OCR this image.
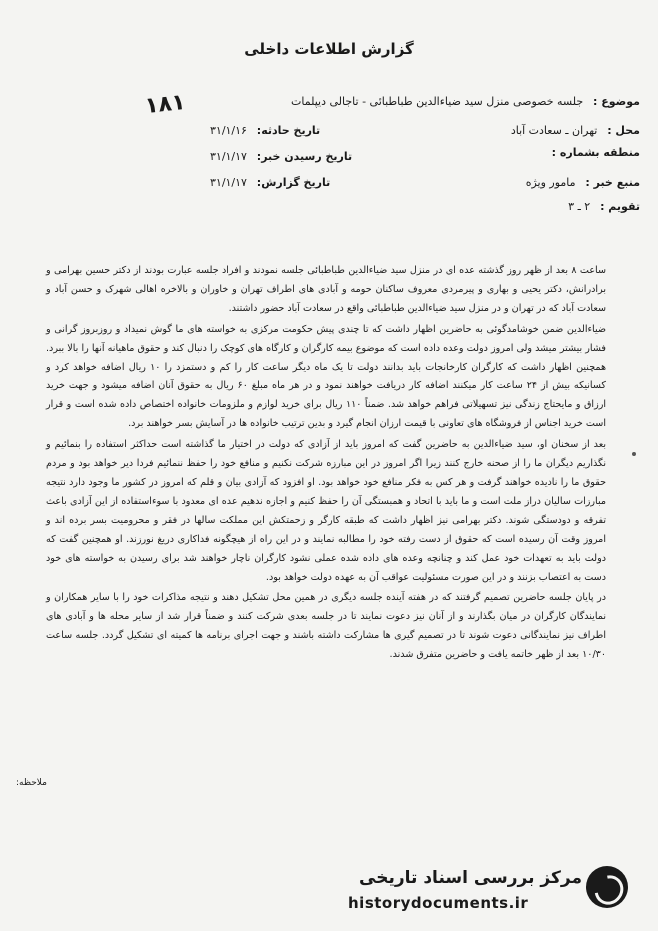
گزارش اطلاعات داخلی
۱۸۱	موضوع : جلسه خصوصی منزل سید ضیاءالدین طباطبائی - تاجالی دیپلمات
محل : تهران ـ سعادت آباد
تاریخ حادثه: ۳۱/۱/۱۶
منطقه بشماره :
تاریخ رسیدن خبر: ۳۱/۱/۱۷
منبع خبر : مامور ویژه
تاریخ گزارش: ۳۱/۱/۱۷
تقویم : ۲ ـ ۳

ساعت ۸ بعد از ظهر روز گذشته عده ای در منزل سید ضیاءالدین طباطبائی جلسه نمودند و افراد جلسه عبارت بودند از دکتر حسین بهرامی و برادرانش، دکتر یحیی و بهاری و پیرمردی معروف ساکنان حومه و آبادی های اطراف تهران و خاوران و بالاخره اهالی شهرک و حسن آباد و سعادت آباد که در تهران و در منزل سید ضیاءالدین طباطبائی واقع در سعادت آباد حضور داشتند.

ضیاءالدین ضمن خوشامدگوئی به حاضرین اظهار داشت که تا چندی پیش حکومت مرکزی به خواسته های ما گوش نمیداد و روزبروز گرانی و فشار بیشتر میشد ولی امروز دولت وعده داده است که موضوع بیمه کارگران و کارگاه های کوچک را دنبال کند و حقوق ماهیانه آنها را بالا ببرد. همچنین اظهار داشت که کارگران کارخانجات باید بدانند دولت تا یک ماه دیگر ساعت کار را کم و دستمزد را ۱۰ ریال اضافه خواهد کرد و کسانیکه بیش از ۲۴ ساعت کار میکنند اضافه کار دریافت خواهند نمود و در هر ماه مبلغ ۶۰ ریال به حقوق آنان اضافه میشود و جهت خرید ارزاق و مایحتاج زندگی نیز تسهیلاتی فراهم خواهد شد. ضمناً ۱۱۰ ریال برای خرید لوازم و ملزومات خانواده اختصاص داده شده است و قرار است خرید اجناس از فروشگاه های تعاونی با قیمت ارزان انجام گیرد و بدین ترتیب خانواده ها در آسایش بسر خواهند برد.

بعد از سخنان او، سید ضیاءالدین به حاضرین گفت که امروز باید از آزادی که دولت در اختیار ما گذاشته است حداکثر استفاده را بنمائیم و نگذاریم دیگران ما را از صحنه خارج کنند زیرا اگر امروز در این مبارزه شرکت نکنیم و منافع خود را حفظ ننمائیم فردا دیر خواهد بود و مردم حقوق ما را نادیده خواهند گرفت و هر کس به فکر منافع خود خواهد بود. او افزود که آزادی بیان و قلم که امروز در کشور ما وجود دارد نتیجه مبارزات سالیان دراز ملت است و ما باید با اتحاد و همبستگی آن را حفظ کنیم و اجازه ندهیم عده ای معدود با سوءاستفاده از این آزادی باعث تفرقه و دودستگی شوند. دکتر بهرامی نیز اظهار داشت که طبقه کارگر و زحمتکش این مملکت سالها در فقر و محرومیت بسر برده اند و امروز وقت آن رسیده است که حقوق از دست رفته خود را مطالبه نمایند و در این راه از هیچگونه فداکاری دریغ نورزند. او همچنین گفت که دولت باید به تعهدات خود عمل کند و چنانچه وعده های داده شده عملی نشود کارگران ناچار خواهند شد برای رسیدن به خواسته های خود دست به اعتصاب بزنند و در این صورت مسئولیت عواقب آن به عهده دولت خواهد بود.

در پایان جلسه حاضرین تصمیم گرفتند که در هفته آینده جلسه دیگری در همین محل تشکیل دهند و نتیجه مذاکرات خود را با سایر همکاران و نمایندگان کارگران در میان بگذارند و از آنان نیز دعوت نمایند تا در جلسه بعدی شرکت کنند و ضمناً قرار شد از سایر محله ها و آبادی های اطراف نیز نمایندگانی دعوت شوند تا در تصمیم گیری ها مشارکت داشته باشند و جهت اجرای برنامه ها کمیته ای تشکیل گردد. جلسه ساعت ۱۰/۳۰ بعد از ظهر خاتمه یافت و حاضرین متفرق شدند.

ملاحظه:
مرکز بررسی اسناد تاریخی
historydocuments.ir
